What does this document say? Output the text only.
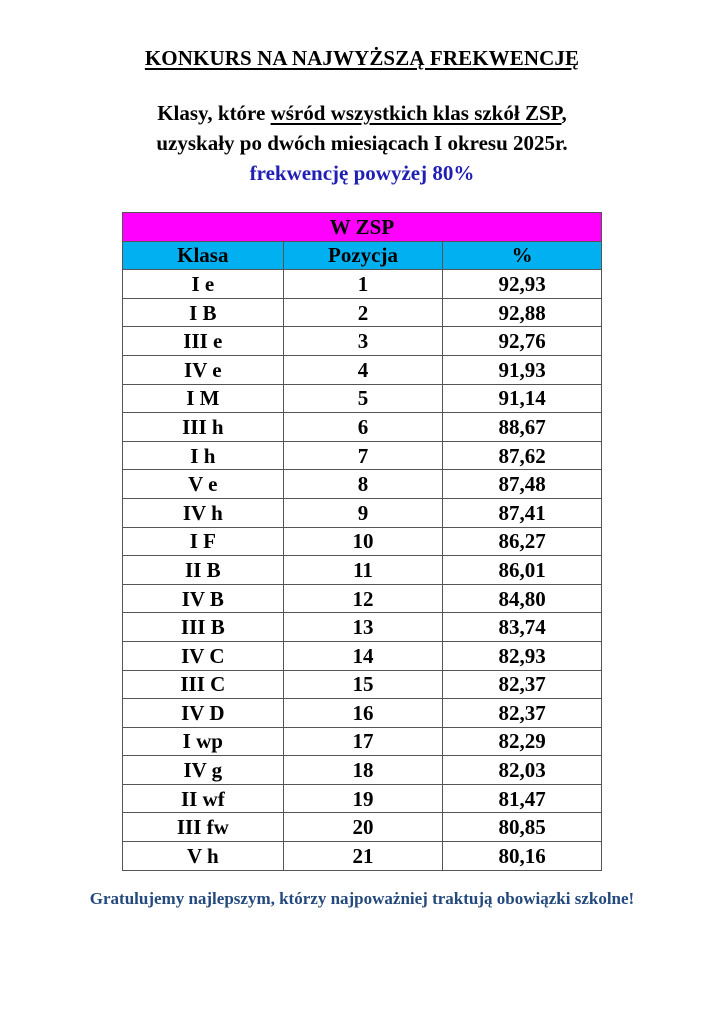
KONKURS NA NAJWYŻSZĄ FREKWENCJĘ
Klasy, które wśród wszystkich klas szkół ZSP,
uzyskały po dwóch miesiącach I okresu 2025r.
frekwencję powyżej 80%
W ZSP		
Klasa	Pozycja	%
I e	1	92,93
I B	2	92,88
III e	3	92,76
IV e	4	91,93
I M	5	91,14
III h	6	88,67
I h	7	87,62
V e	8	87,48
IV h	9	87,41
I F	10	86,27
II B	11	86,01
IV B	12	84,80
III B	13	83,74
IV C	14	82,93
III C	15	82,37
IV D	16	82,37
I wp	17	82,29
IV g	18	82,03
II wf	19	81,47
III fw	20	80,85
V h	21	80,16
Gratulujemy najlepszym, którzy najpoważniej traktują obowiązki szkolne!
